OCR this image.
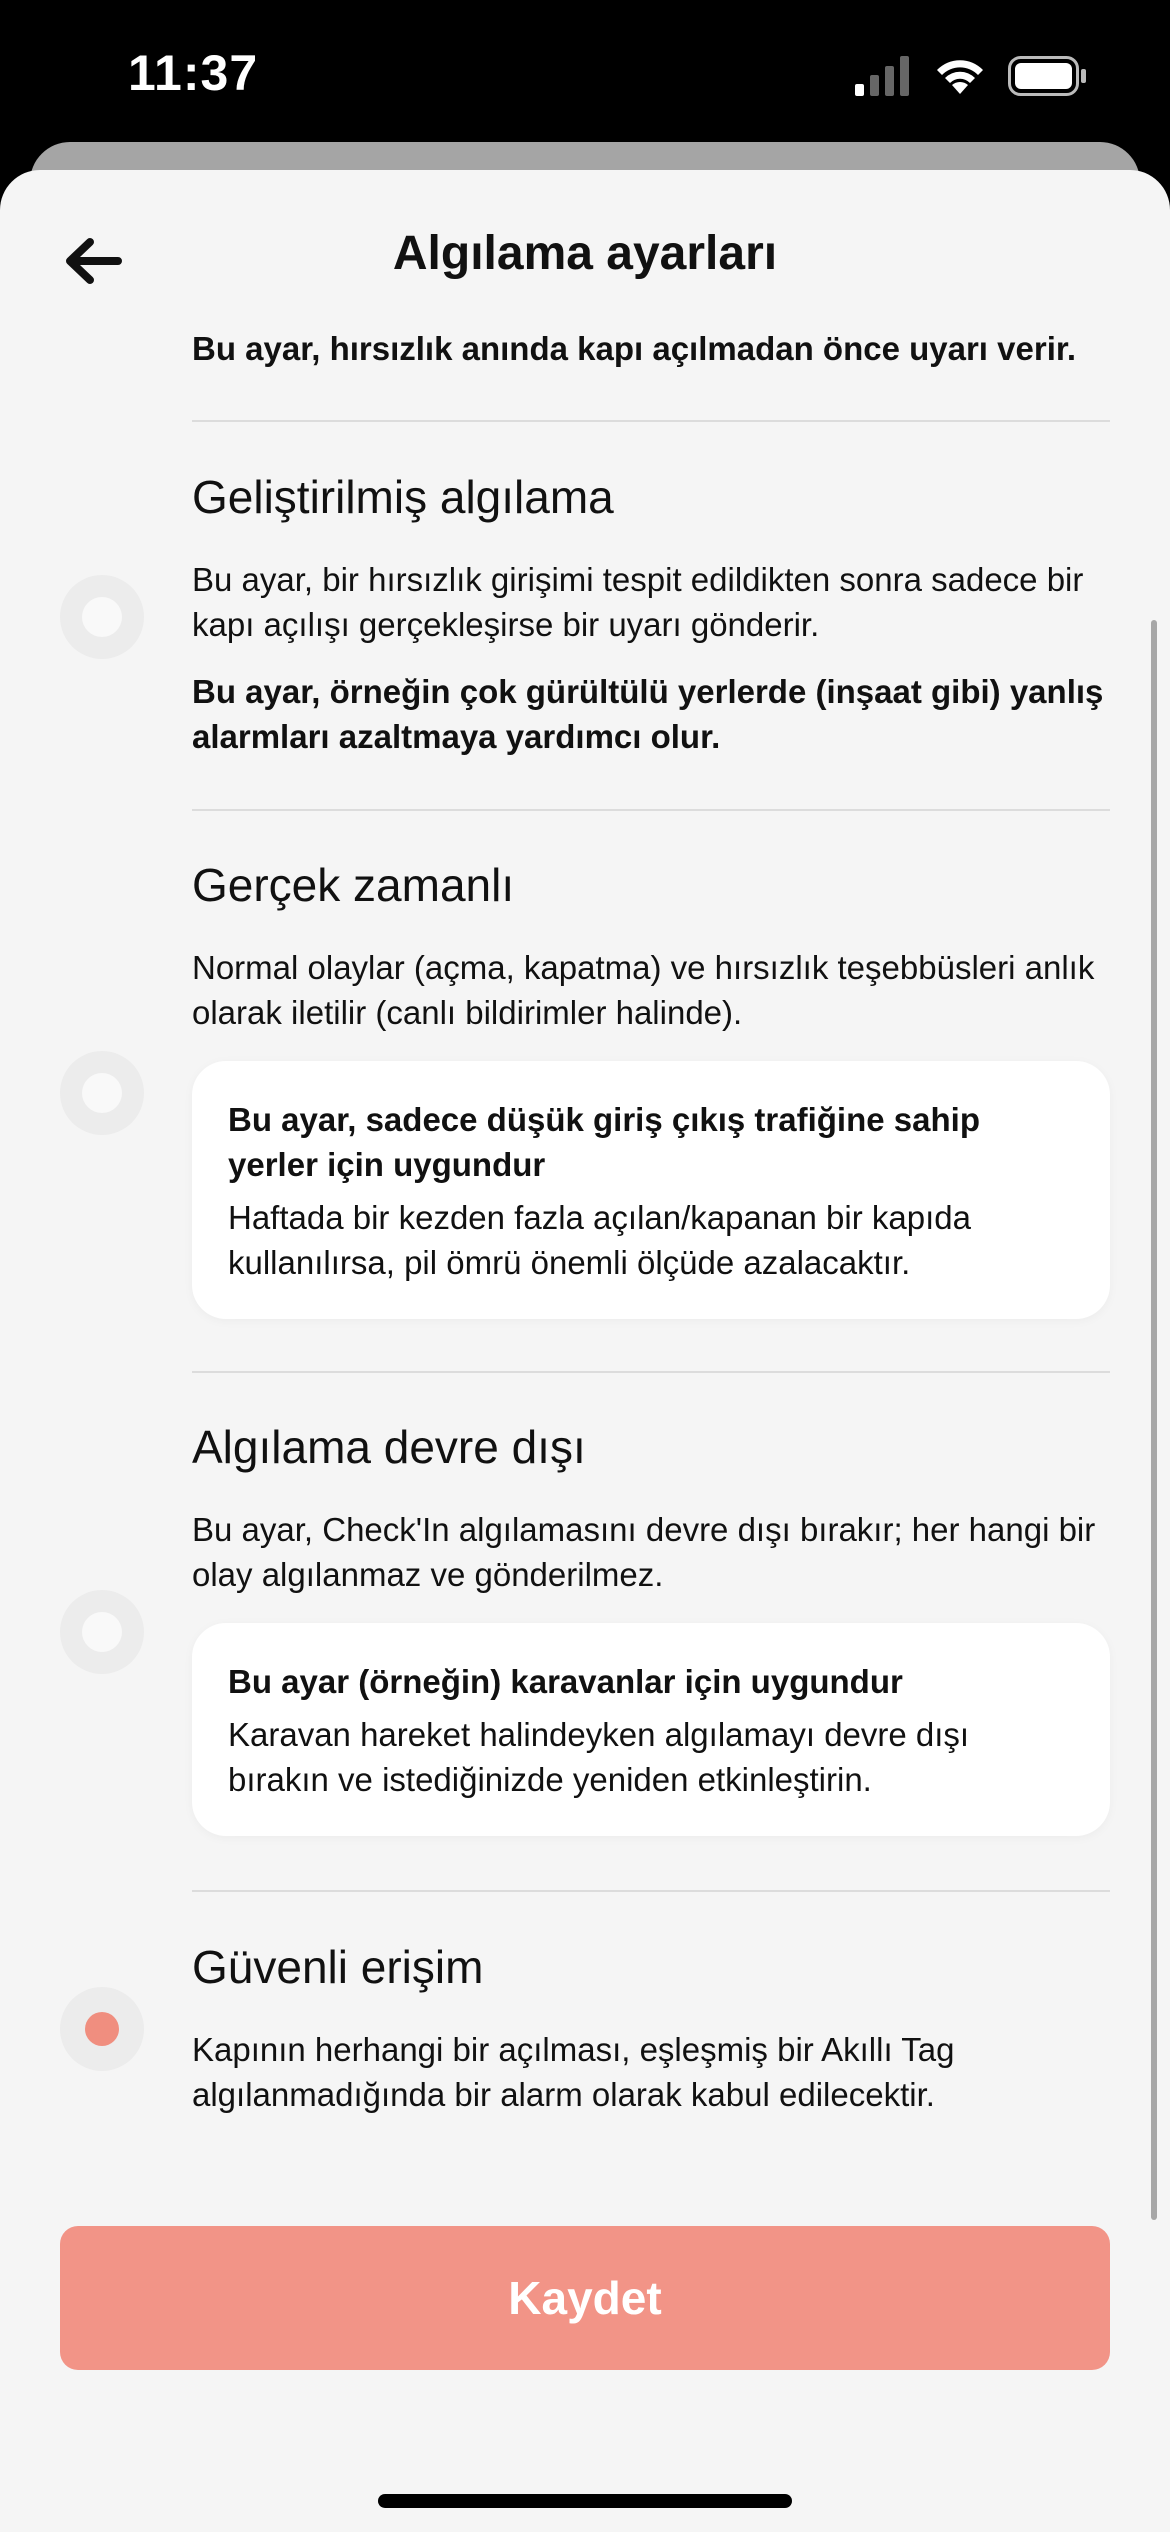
11:37
Algılama ayarları

Bu ayar, hırsızlık anında kapı açılmadan önce uyarı verir.

Geliştirilmiş algılama

Bu ayar, bir hırsızlık girişimi tespit edildikten sonra sadece bir kapı açılışı gerçekleşirse bir uyarı gönderir.

Bu ayar, örneğin çok gürültülü yerlerde (inşaat gibi) yanlış alarmları azaltmaya yardımcı olur.

Gerçek zamanlı

Normal olaylar (açma, kapatma) ve hırsızlık teşebbüsleri anlık olarak iletilir (canlı bildirimler halinde).

Bu ayar, sadece düşük giriş çıkış trafiğine sahip yerler için uygundur

Haftada bir kezden fazla açılan/kapanan bir kapıda kullanılırsa, pil ömrü önemli ölçüde azalacaktır.

Algılama devre dışı

Bu ayar, Check'In algılamasını devre dışı bırakır; her hangi bir olay algılanmaz ve gönderilmez.

Bu ayar (örneğin) karavanlar için uygundur

Karavan hareket halindeyken algılamayı devre dışı bırakın ve istediğinizde yeniden etkinleştirin.

Güvenli erişim

Kapının herhangi bir açılması, eşleşmiş bir Akıllı Tag algılanmadığında bir alarm olarak kabul edilecektir.

Kaydet
